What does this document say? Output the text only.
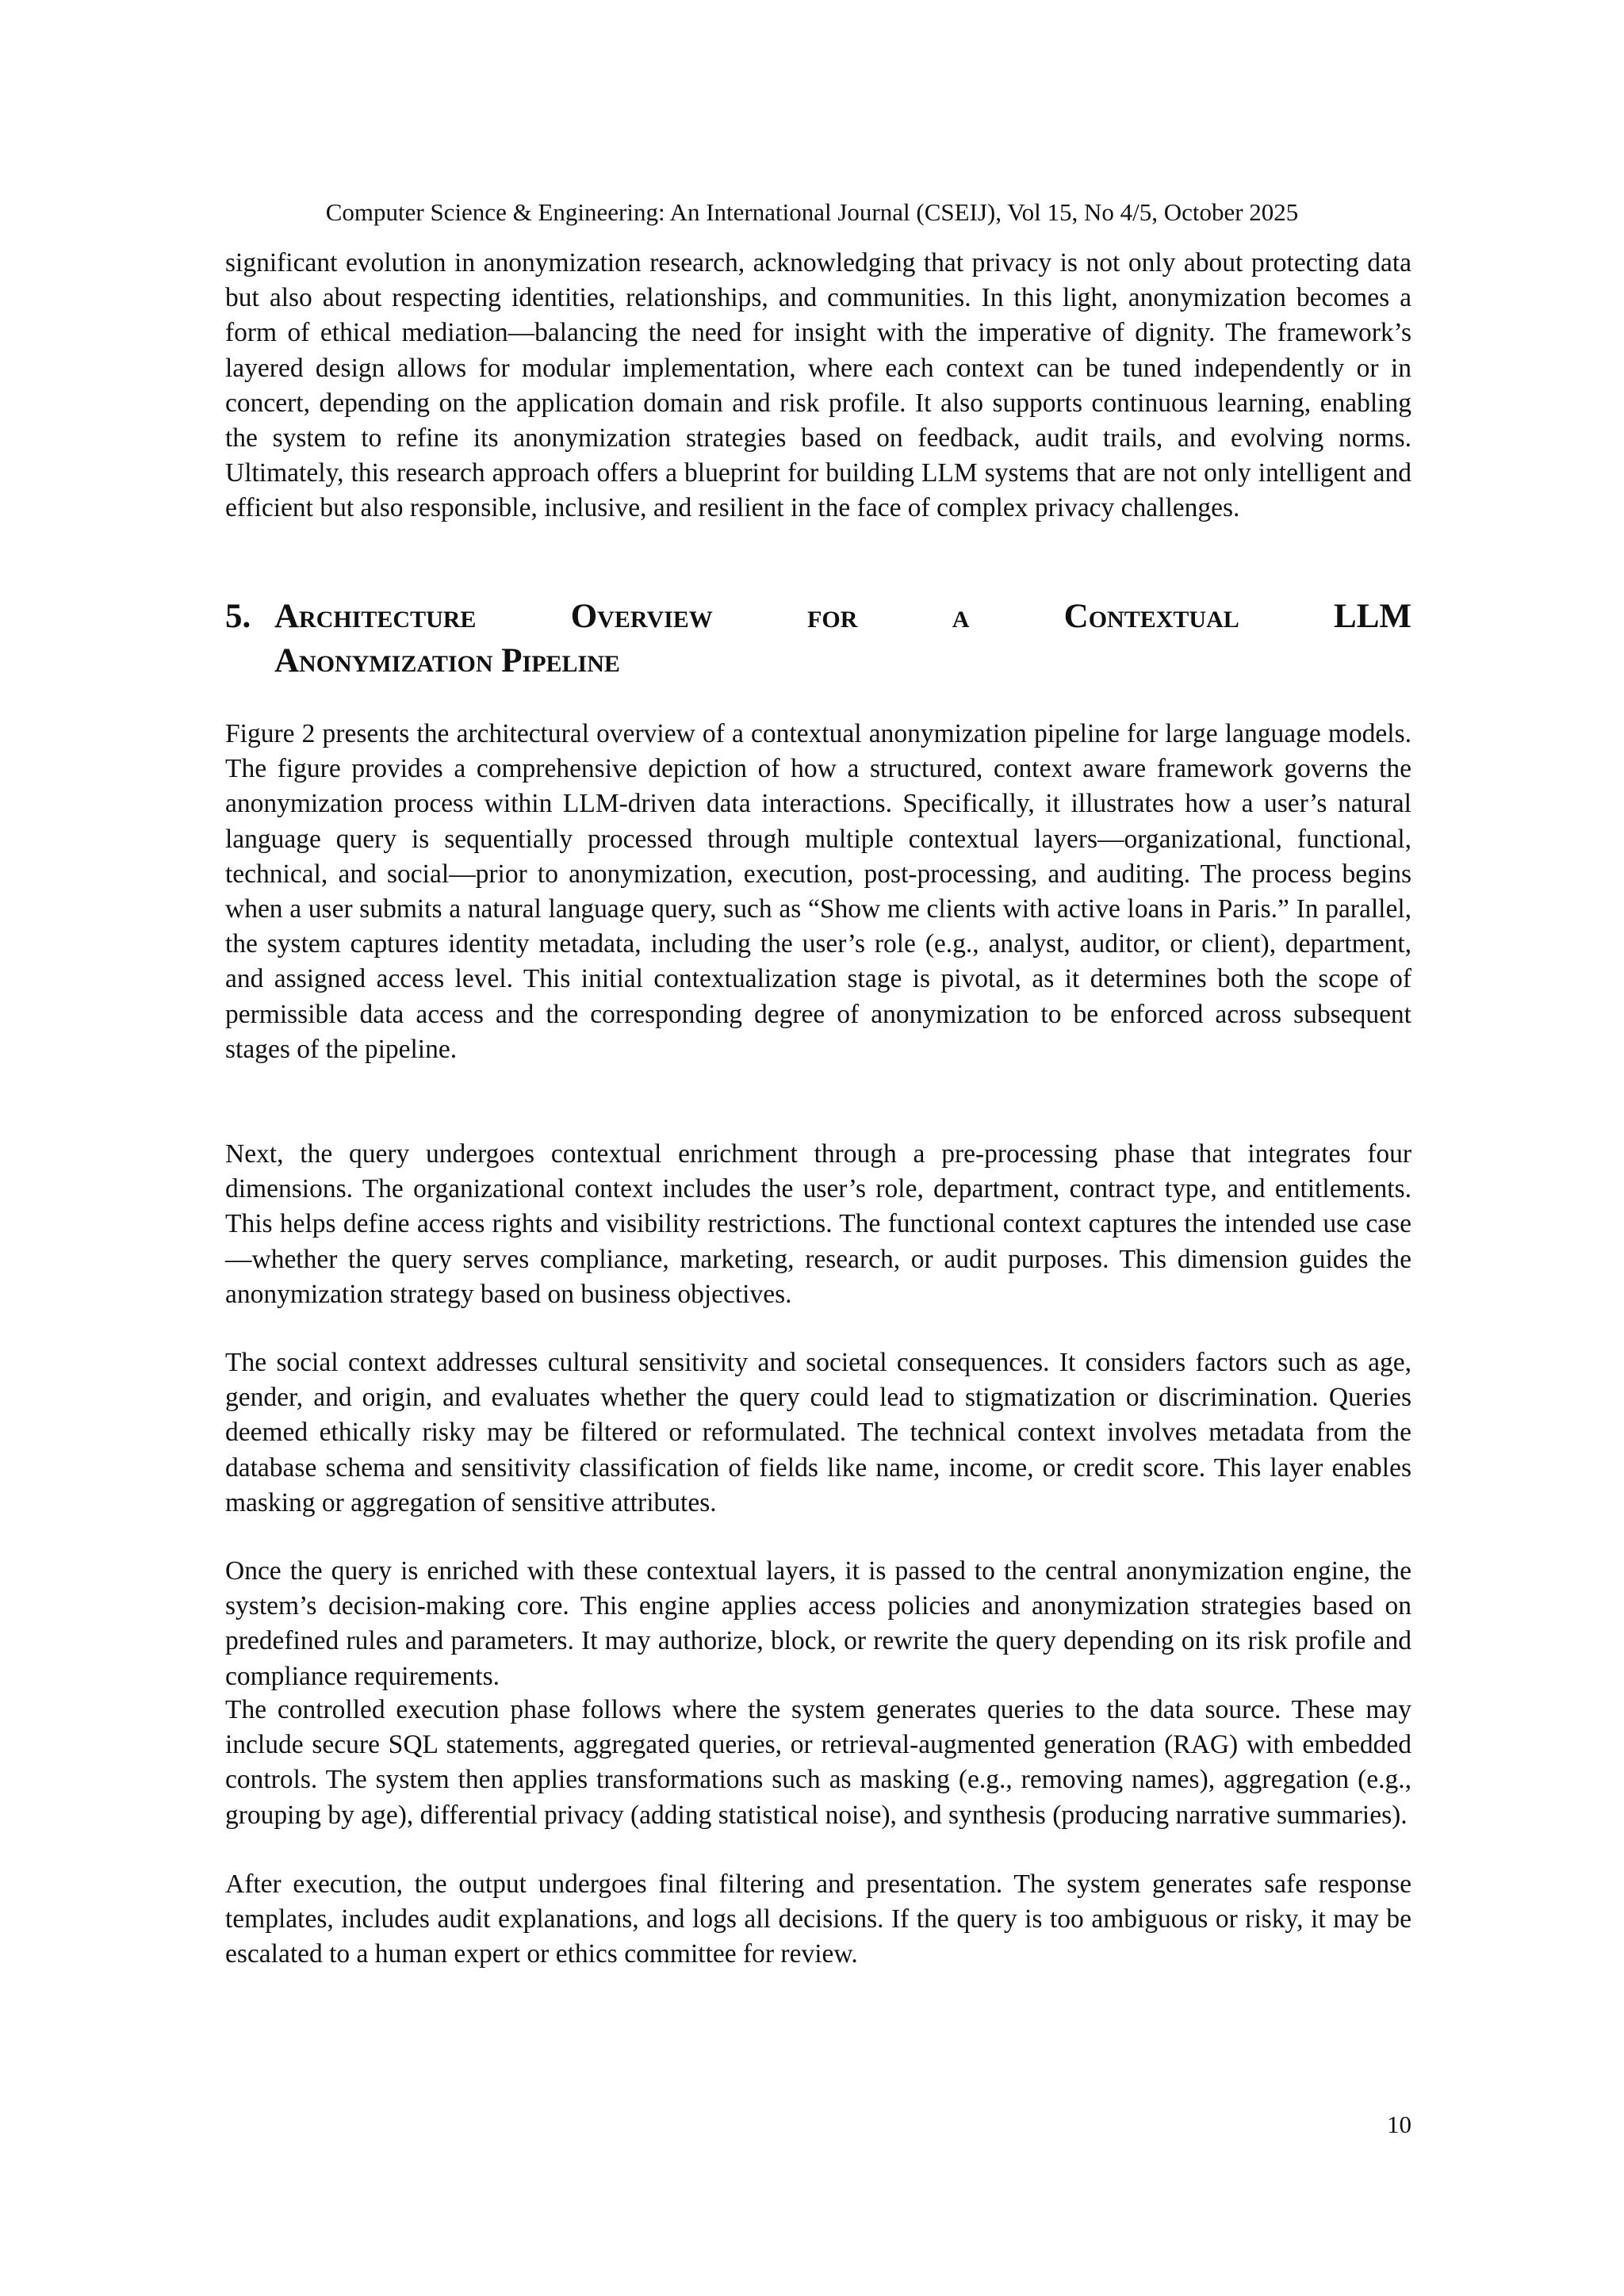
Computer Science & Engineering: An International Journal (CSEIJ), Vol 15, No 4/5, October 2025

significant evolution in anonymization research, acknowledging that privacy is not only about protecting data but also about respecting identities, relationships, and communities. In this light, anonymization becomes a form of ethical mediation—balancing the need for insight with the imperative of dignity. The framework’s layered design allows for modular implementation, where each context can be tuned independently or in concert, depending on the application domain and risk profile. It also supports continuous learning, enabling the system to refine its anonymization strategies based on feedback, audit trails, and evolving norms. Ultimately, this research approach offers a blueprint for building LLM systems that are not only intelligent and efficient but also responsible, inclusive, and resilient in the face of complex privacy challenges.

5. Architecture	Overview	for	a	Contextual	LLM
Anonymization Pipeline

Figure 2 presents the architectural overview of a contextual anonymization pipeline for large language models. The figure provides a comprehensive depiction of how a structured, context aware framework governs the anonymization process within LLM-driven data interactions. Specifically, it illustrates how a user’s natural language query is sequentially processed through multiple contextual layers—organizational, functional, technical, and social—prior to anonymization, execution, post-processing, and auditing. The process begins when a user submits a natural language query, such as “Show me clients with active loans in Paris.” In parallel, the system captures identity metadata, including the user’s role (e.g., analyst, auditor, or client), department, and assigned access level. This initial contextualization stage is pivotal, as it determines both the scope of permissible data access and the corresponding degree of anonymization to be enforced across subsequent stages of the pipeline.

Next, the query undergoes contextual enrichment through a pre-processing phase that integrates four dimensions. The organizational context includes the user’s role, department, contract type, and entitlements. This helps define access rights and visibility restrictions. The functional context captures the intended use case—whether the query serves compliance, marketing, research, or audit purposes. This dimension guides the anonymization strategy based on business objectives.

The social context addresses cultural sensitivity and societal consequences. It considers factors such as age, gender, and origin, and evaluates whether the query could lead to stigmatization or discrimination. Queries deemed ethically risky may be filtered or reformulated. The technical context involves metadata from the database schema and sensitivity classification of fields like name, income, or credit score. This layer enables masking or aggregation of sensitive attributes.

Once the query is enriched with these contextual layers, it is passed to the central anonymization engine, the system’s decision-making core. This engine applies access policies and anonymization strategies based on predefined rules and parameters. It may authorize, block, or rewrite the query depending on its risk profile and compliance requirements.

The controlled execution phase follows where the system generates queries to the data source. These may include secure SQL statements, aggregated queries, or retrieval-augmented generation (RAG) with embedded controls. The system then applies transformations such as masking (e.g., removing names), aggregation (e.g., grouping by age), differential privacy (adding statistical noise), and synthesis (producing narrative summaries).

After execution, the output undergoes final filtering and presentation. The system generates safe response templates, includes audit explanations, and logs all decisions. If the query is too ambiguous or risky, it may be escalated to a human expert or ethics committee for review.

10
